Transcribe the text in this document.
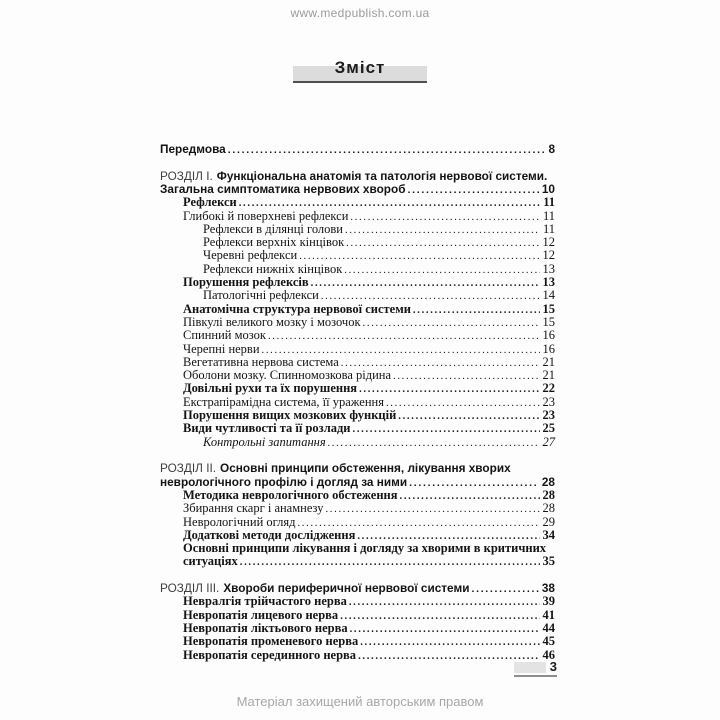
www.medpublish.com.ua
Зміст
Передмова .....	8
РОЗДІЛ І. Функціональна анатомія та патологія нервової системи.
Загальна симптоматика нервових хвороб .....	10
Рефлекси .....	11
Глибокі й поверхневі рефлекси .....	11
Рефлекси в ділянці голови .....	11
Рефлекси верхніх кінцівок .....	12
Черевні рефлекси .....	12
Рефлекси нижніх кінцівок .....	13
Порушення рефлексів .....	13
Патологічні рефлекси .....	14
Анатомічна структура нервової системи .....	15
Півкулі великого мозку і мозочок .....	15
Спинний мозок .....	16
Черепні нерви .....	16
Вегетативна нервова система .....	21
Оболони мозку. Спинномозкова рідина .....	21
Довільні рухи та їх порушення .....	22
Екстрапірамідна система, її ураження .....	23
Порушення вищих мозкових функцій .....	23
Види чутливості та її розлади .....	25
Контрольні запитання .....	27
РОЗДІЛ ІІ. Основні принципи обстеження, лікування хворих
неврологічного профілю і догляд за ними .....	28
Методика неврологічного обстеження .....	28
Збирання скарг і анамнезу .....	28
Неврологічний огляд .....	29
Додаткові методи дослідження .....	34
Основні принципи лікування і догляду за хворими в критичних
ситуаціях .....	35
РОЗДІЛ ІІІ. Хвороби периферичної нервової системи .....	38
Невралгія трійчастого нерва .....	39
Невропатія лицевого нерва .....	41
Невропатія ліктьового нерва .....	44
Невропатія променевого нерва .....	45
Невропатія серединного нерва .....	46
3
Матеріал захищений авторським правом
